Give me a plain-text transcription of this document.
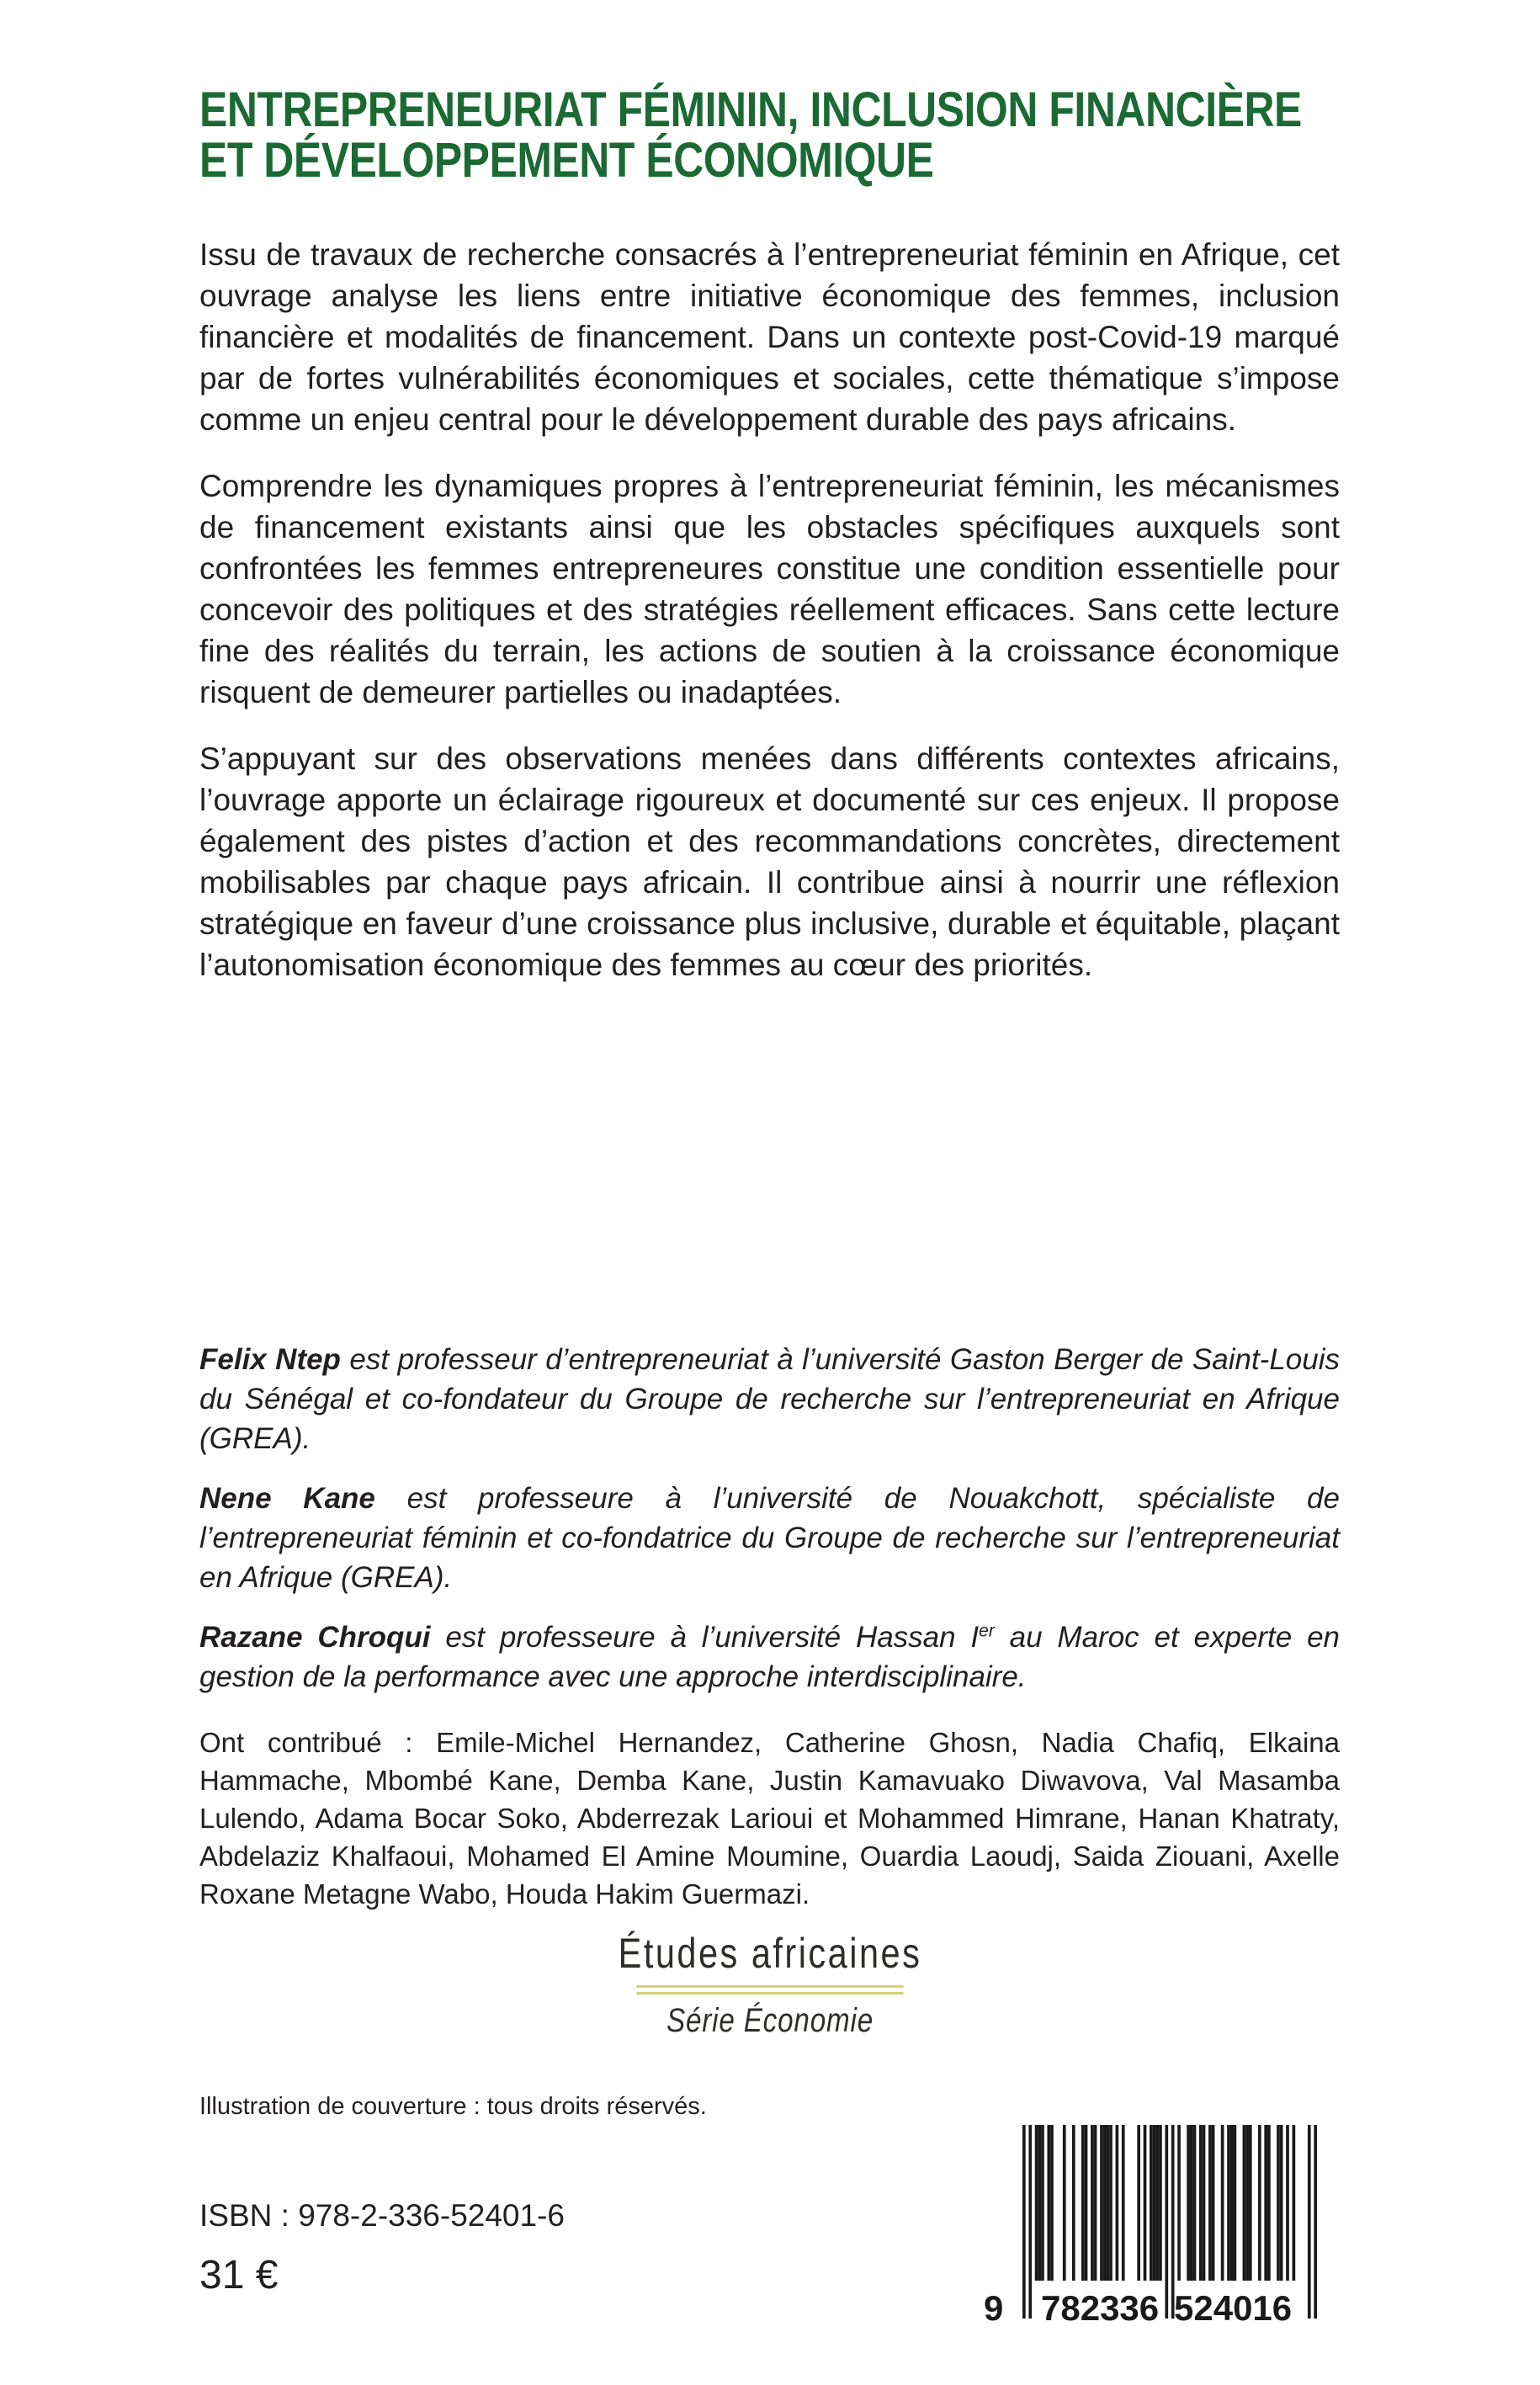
ENTREPRENEURIAT FÉMININ, INCLUSION FINANCIÈRE
ET DÉVELOPPEMENT ÉCONOMIQUE

Issu de travaux de recherche consacrés à l’entrepreneuriat féminin en Afrique, cet ouvrage analyse les liens entre initiative économique des femmes, inclusion financière et modalités de financement. Dans un contexte post-Covid-19 marqué par de fortes vulnérabilités économiques et sociales, cette thématique s’impose comme un enjeu central pour le développement durable des pays africains.

Comprendre les dynamiques propres à l’entrepreneuriat féminin, les mécanismes de financement existants ainsi que les obstacles spécifiques auxquels sont confrontées les femmes entrepreneures constitue une condition essentielle pour concevoir des politiques et des stratégies réellement efficaces. Sans cette lecture fine des réalités du terrain, les actions de soutien à la croissance économique risquent de demeurer partielles ou inadaptées.

S’appuyant sur des observations menées dans différents contextes africains, l’ouvrage apporte un éclairage rigoureux et documenté sur ces enjeux. Il propose également des pistes d’action et des recommandations concrètes, directement mobilisables par chaque pays africain. Il contribue ainsi à nourrir une réflexion stratégique en faveur d’une croissance plus inclusive, durable et équitable, plaçant l’autonomisation économique des femmes au cœur des priorités.

Felix Ntep est professeur d’entrepreneuriat à l’université Gaston Berger de Saint-Louis du Sénégal et co-fondateur du Groupe de recherche sur l’entrepreneuriat en Afrique (GREA).

Nene Kane est professeure à l’université de Nouakchott, spécialiste de l’entrepreneuriat féminin et co-fondatrice du Groupe de recherche sur l’entrepreneuriat en Afrique (GREA).

Razane Chroqui est professeure à l’université Hassan Ier au Maroc et experte en gestion de la performance avec une approche interdisciplinaire.

Ont contribué : Emile-Michel Hernandez, Catherine Ghosn, Nadia Chafiq, Elkaina Hammache, Mbombé Kane, Demba Kane, Justin Kamavuako Diwavova, Val Masamba Lulendo, Adama Bocar Soko, Abderrezak Larioui et Mohammed Himrane, Hanan Khatraty, Abdelaziz Khalfaoui, Mohamed El Amine Moumine, Ouardia Laoudj, Saida Ziouani, Axelle Roxane Metagne Wabo, Houda Hakim Guermazi.
Études africaines
Série Économie
Illustration de couverture : tous droits réservés.
ISBN : 978-2-336-52401-6
31 €
9 782336 524016
